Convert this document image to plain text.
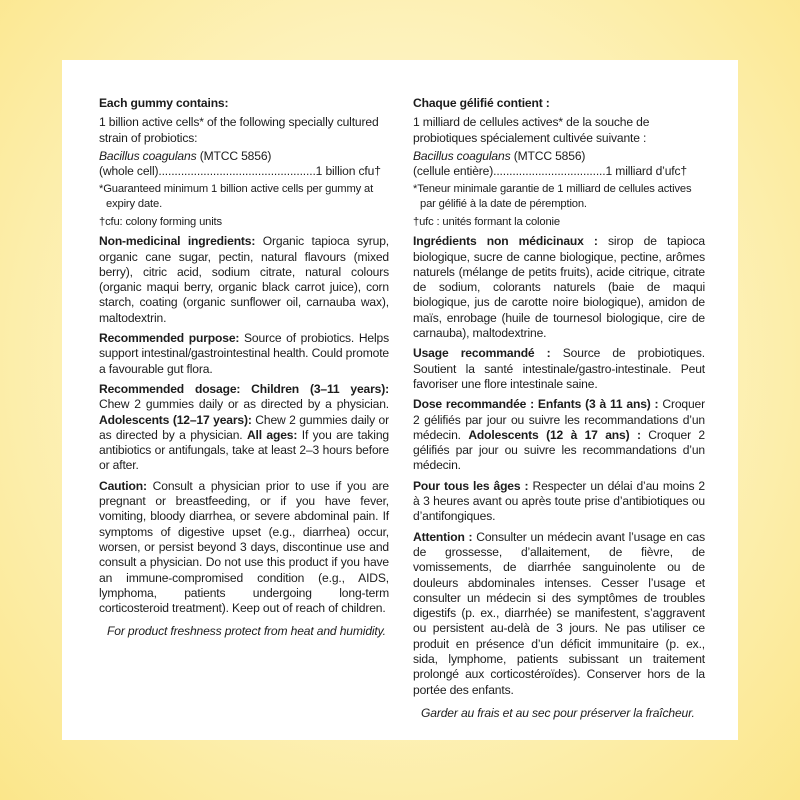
Each gummy contains:

1 billion active cells* of the following specially cultured strain of probiotics:

Bacillus coagulans (MTCC 5856)
(whole cell).................................................1 billion cfu†

*Guaranteed minimum 1 billion active cells per gummy at
expiry date.

†cfu: colony forming units

Non-medicinal ingredients: Organic tapioca syrup, organic cane sugar, pectin, natural flavours (mixed berry), citric acid, sodium citrate, natural colours (organic maqui berry, organic black carrot juice), corn starch, coating (organic sunflower oil, carnauba wax), maltodextrin.

Recommended purpose: Source of probiotics. Helps support intestinal/gastrointestinal health. Could promote a favourable gut flora.

Recommended dosage: Children (3–11 years): Chew 2 gummies daily or as directed by a physician. Adolescents (12–17 years): Chew 2 gummies daily or as directed by a physician. All ages: If you are taking antibiotics or antifungals, take at least 2–3 hours before or after.

Caution: Consult a physician prior to use if you are pregnant or breastfeeding, or if you have fever, vomiting, bloody diarrhea, or severe abdominal pain. If symptoms of digestive upset (e.g., diarrhea) occur, worsen, or persist beyond 3 days, discontinue use and consult a physician. Do not use this product if you have an immune-compromised condition (e.g., AIDS, lymphoma, patients undergoing long-term corticosteroid treatment). Keep out of reach of children.

For product freshness protect from heat and humidity.

Chaque gélifié contient :

1 milliard de cellules actives* de la souche de probiotiques spécialement cultivée suivante :

Bacillus coagulans (MTCC 5856)
(cellule entière)...................................1 milliard d’ufc†

*Teneur minimale garantie de 1 milliard de cellules actives
par gélifié à la date de péremption.

†ufc : unités formant la colonie

Ingrédients non médicinaux : sirop de tapioca biologique, sucre de canne biologique, pectine, arômes naturels (mélange de petits fruits), acide citrique, citrate de sodium, colorants naturels (baie de maqui biologique, jus de carotte noire biologique), amidon de maïs, enrobage (huile de tournesol biologique, cire de carnauba), maltodextrine.

Usage recommandé : Source de probiotiques. Soutient la santé intestinale/gastro-intestinale. Peut favoriser une flore intestinale saine.

Dose recommandée : Enfants (3 à 11 ans) : Croquer 2 gélifiés par jour ou suivre les recommandations d’un médecin. Adolescents (12 à 17 ans) : Croquer 2 gélifiés par jour ou suivre les recommandations d’un médecin.

Pour tous les âges : Respecter un délai d’au moins 2 à 3 heures avant ou après toute prise d’antibiotiques ou d’antifongiques.

Attention : Consulter un médecin avant l’usage en cas de grossesse, d’allaitement, de fièvre, de vomissements, de diarrhée sanguinolente ou de douleurs abdominales intenses. Cesser l’usage et consulter un médecin si des symptômes de troubles digestifs (p. ex., diarrhée) se manifestent, s’aggravent ou persistent au-delà de 3 jours. Ne pas utiliser ce produit en présence d’un déficit immunitaire (p. ex., sida, lymphome, patients subissant un traitement prolongé aux corticostéroïdes). Conserver hors de la portée des enfants.

Garder au frais et au sec pour préserver la fraîcheur.
